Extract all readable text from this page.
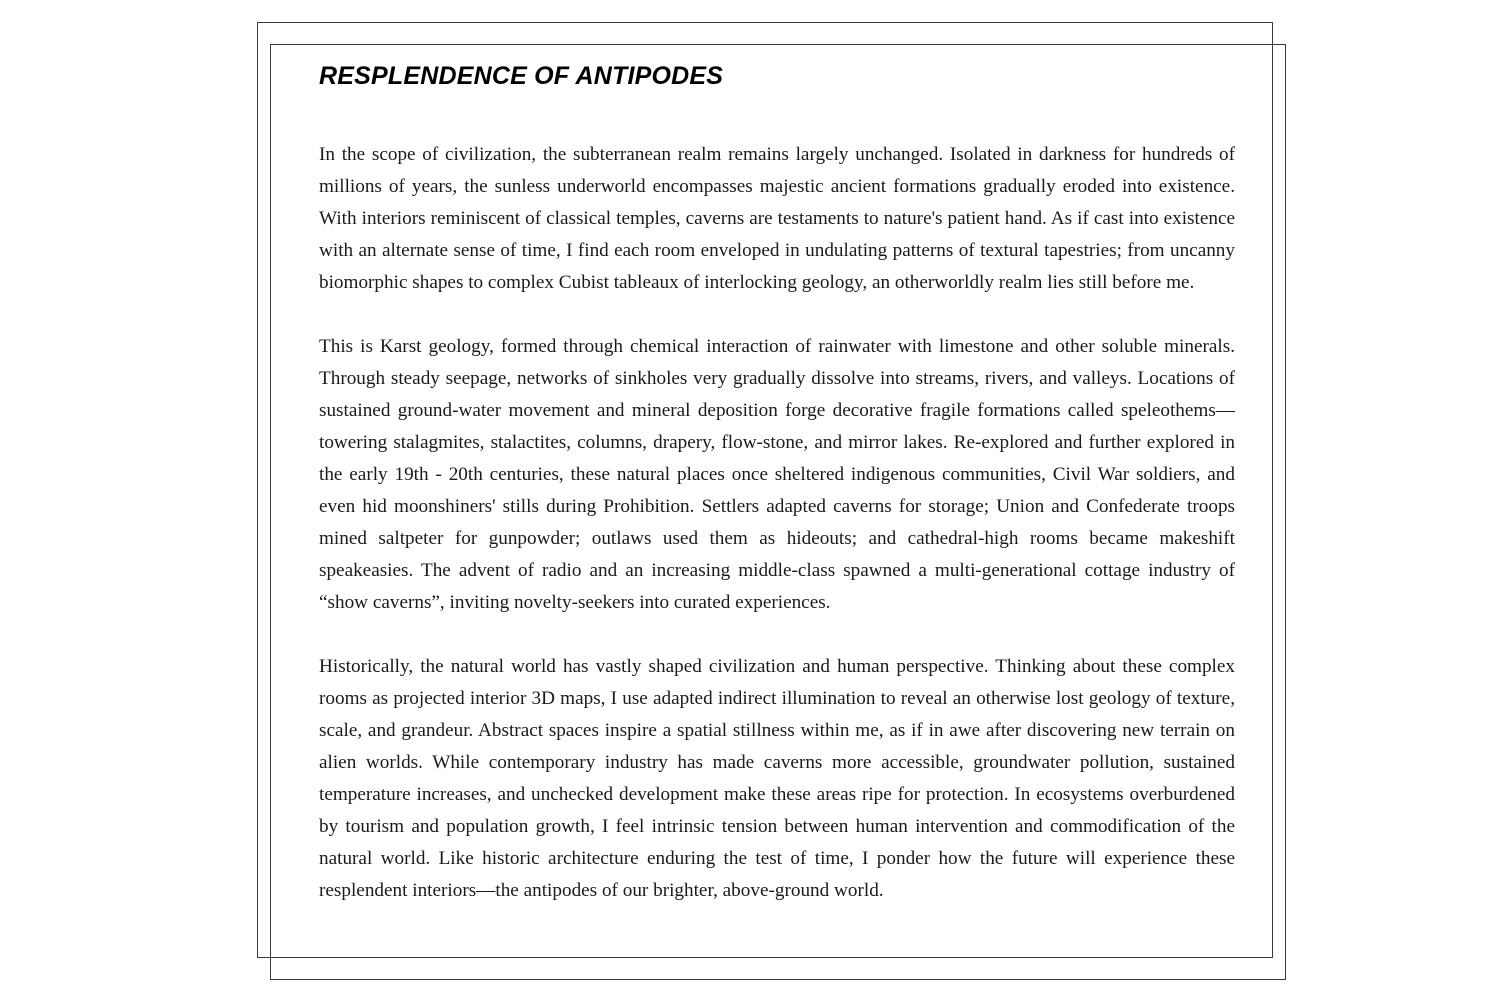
RESPLENDENCE OF ANTIPODES

In the scope of civilization, the subterranean realm remains largely unchanged. Isolated in darkness for hundreds of millions of years, the sunless underworld encompasses majestic ancient formations gradually eroded into existence. With interiors reminiscent of classical temples, caverns are testaments to nature's patient hand. As if cast into existence with an alternate sense of time, I find each room enveloped in undulating patterns of textural tapestries; from uncanny biomorphic shapes to complex Cubist tableaux of interlocking geology, an otherworldly realm lies still before me.

This is Karst geology, formed through chemical interaction of rainwater with limestone and other soluble minerals. Through steady seepage, networks of sinkholes very gradually dissolve into streams, rivers, and valleys. Locations of sustained ground-water movement and mineral deposition forge decorative fragile formations called speleothems—towering stalagmites, stalactites, columns, drapery, flow-stone, and mirror lakes. Re-explored and further explored in the early 19th - 20th centuries, these natural places once sheltered indigenous communities, Civil War soldiers, and even hid moonshiners' stills during Prohibition. Settlers adapted caverns for storage; Union and Confederate troops mined saltpeter for gunpowder; outlaws used them as hideouts; and cathedral-high rooms became makeshift speakeasies. The advent of radio and an increasing middle-class spawned a multi-generational cottage industry of “show caverns”, inviting novelty-seekers into curated experiences.

Historically, the natural world has vastly shaped civilization and human perspective. Thinking about these complex rooms as projected interior 3D maps, I use adapted indirect illumination to reveal an otherwise lost geology of texture, scale, and grandeur. Abstract spaces inspire a spatial stillness within me, as if in awe after discovering new terrain on alien worlds. While contemporary industry has made caverns more accessible, groundwater pollution, sustained temperature increases, and unchecked development make these areas ripe for protection. In ecosystems overburdened by tourism and population growth, I feel intrinsic tension between human intervention and commodification of the natural world. Like historic architecture enduring the test of time, I ponder how the future will experience these resplendent interiors—the antipodes of our brighter, above-ground world.
